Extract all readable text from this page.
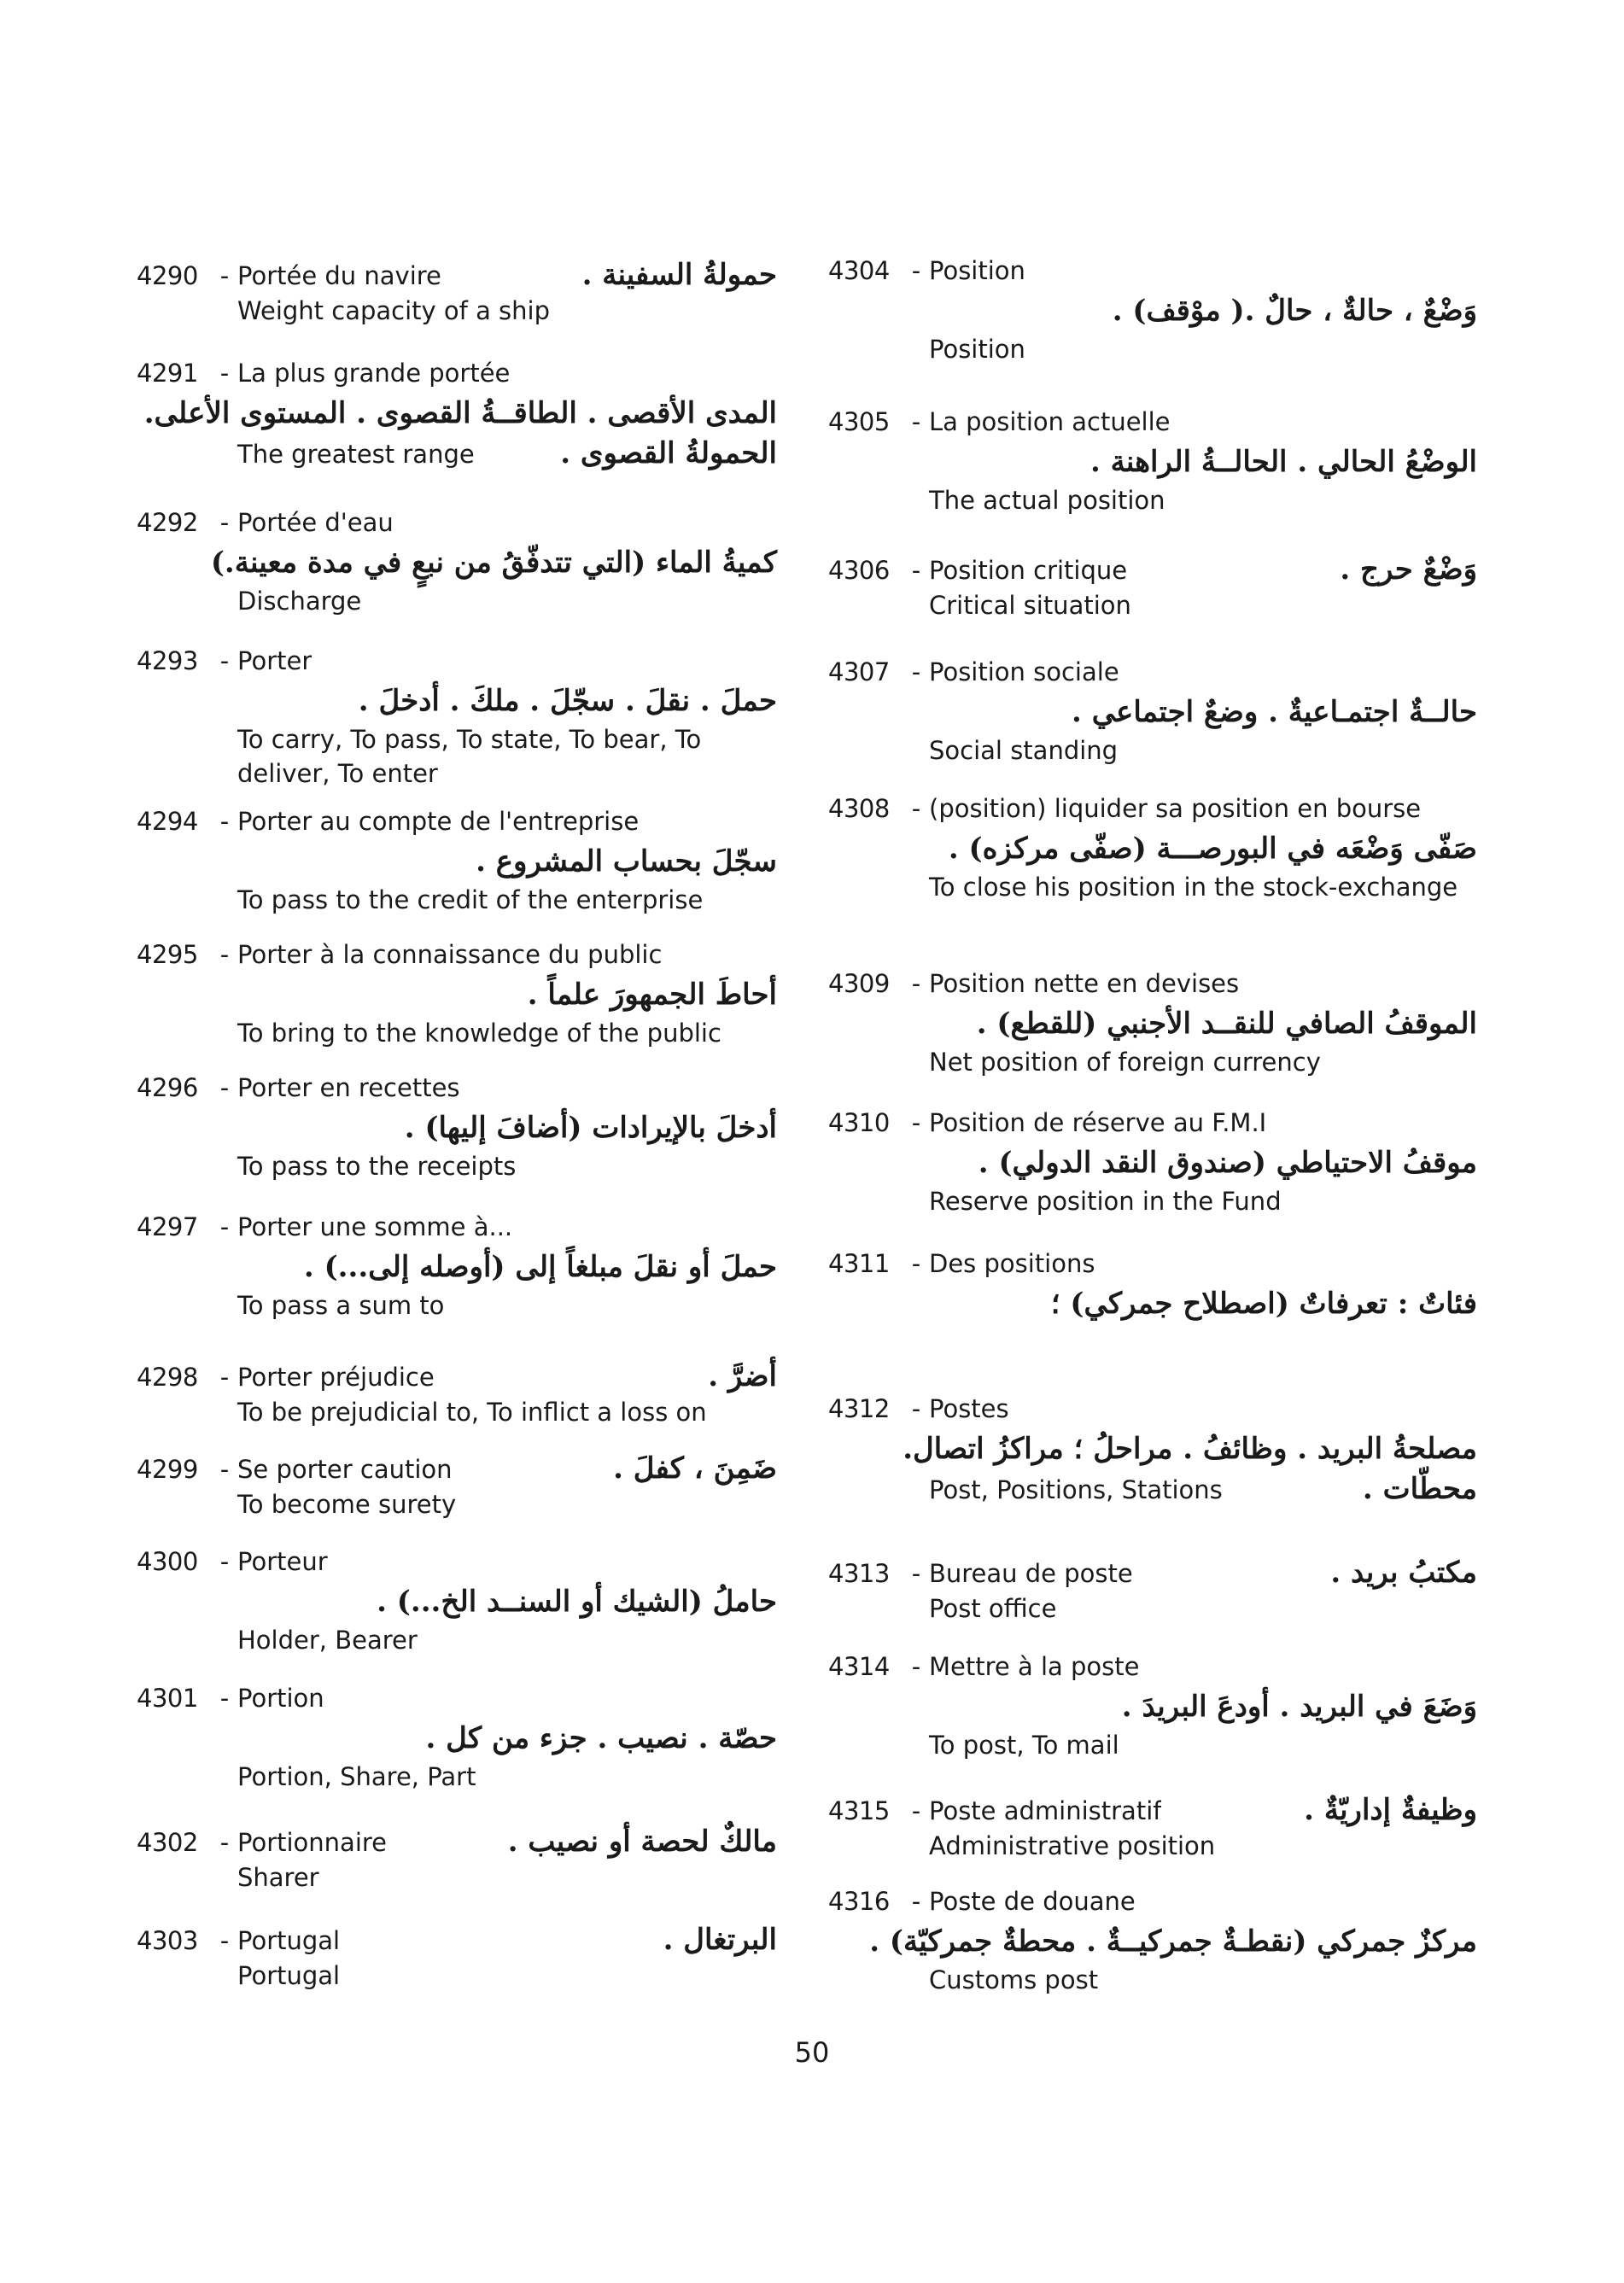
4290 - Portée du navire	حمولةُ السفينة .
Weight capacity of a ship
4291 - La plus grande portée
المدى الأقصى . الطاقــةُ القصوى . المستوى الأعلى.
The greatest range	الحمولةُ القصوى .
4292 - Portée d'eau
كميةُ الماء (التي تتدفّقُ من نبعٍ في مدة معينة.)
Discharge
4293 - Porter
حملَ . نقلَ . سجّلَ . ملكَ . أدخلَ .
To carry, To pass, To state, To bear, To deliver, To enter
4294 - Porter au compte de l'entreprise
سجّلَ بحساب المشروع .
To pass to the credit of the enterprise
4295 - Porter à la connaissance du public
أحاطَ الجمهورَ علماً .
To bring to the knowledge of the public
4296 - Porter en recettes
أدخلَ بالإيرادات (أضافَ إليها) .
To pass to the receipts
4297 - Porter une somme à...
حملَ أو نقلَ مبلغاً إلى (أوصله إلى...) .
To pass a sum to
4298 - Porter préjudice	أضرَّ .
To be prejudicial to, To inflict a loss on
4299 - Se porter caution	ضَمِنَ ، كفلَ .
To become surety
4300 - Porteur
حاملُ (الشيك أو السنــد الخ...) .
Holder, Bearer
4301 - Portion
حصّة . نصيب . جزء من كل .
Portion, Share, Part
4302 - Portionnaire	مالكٌ لحصة أو نصيب .
Sharer
4303 - Portugal	البرتغال .
Portugal
4304 - Position
وَضْعٌ ، حالةٌ ، حالٌ .( موْقف) .
Position
4305 - La position actuelle
الوضْعُ الحالي . الحالــةُ الراهنة .
The actual position
4306 - Position critique	وَضْعٌ حرج .
Critical situation
4307 - Position sociale
حالــةٌ اجتمـاعيةٌ . وضعٌ اجتماعي .
Social standing
4308 - (position) liquider sa position en bourse
صَفّى وَضْعَه في البورصـــة (صفّى مركزه) .
To close his position in the stock-exchange
4309 - Position nette en devises
الموقفُ الصافي للنقــد الأجنبي (للقطع) .
Net position of foreign currency
4310 - Position de réserve au F.M.I
موقفُ الاحتياطي (صندوق النقد الدولي) .
Reserve position in the Fund
4311 - Des positions
فئاتٌ : تعرفاتٌ (اصطلاح جمركي) ؛
4312 - Postes
مصلحةُ البريد . وظائفُ . مراحلُ ؛ مراكزُ اتصال.
Post, Positions, Stations	محطّات .
4313 - Bureau de poste	مكتبُ بريد .
Post office
4314 - Mettre à la poste
وَضَعَ في البريد . أودعَ البريدَ .
To post, To mail
4315 - Poste administratif	وظيفةٌ إداريّةٌ .
Administrative position
4316 - Poste de douane
مركزٌ جمركي (نقطـةٌ جمركيــةٌ . محطةٌ جمركيّة) .
Customs post
50
